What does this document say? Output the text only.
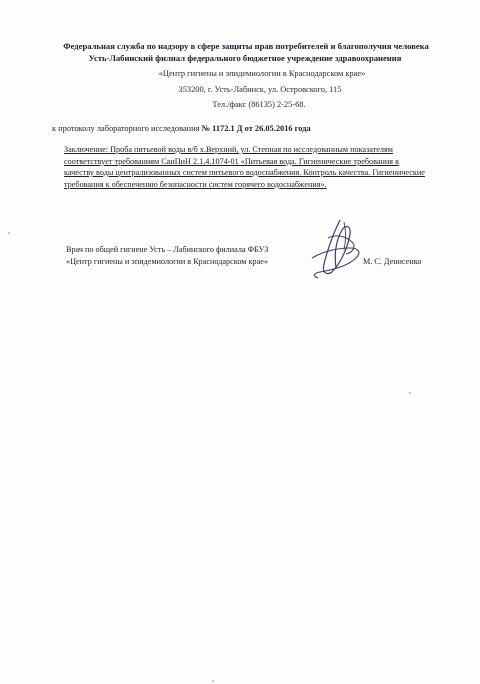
Федеральная служба по надзору в сфере защиты прав потребителей и благополучия человека
Усть-Лабинский филиал федерального бюджетное учреждение здравоохранения
«Центр гигиены и эпидемиологии в Краснодарском крае»
353200, г. Усть-Лабинск, ул. Островского, 115
Тел./факс (86135) 2-25-68.
к протоколу лабораторного исследования № 1172.1 Д от 26.05.2016 года
Заключение: Проба питьевой воды в/б х.Верхний, ул. Степная по исследованным показателям соответствует требованиям СанПиН 2.1.4.1074-01 «Питьевая вода. Гигиенические требования к качеству воды централизованных систем питьевого водоснабжения. Контроль качества. Гигиенические требования к обеспечению безопасности систем горячего водоснабжения».
Врач по общей гигиене Усть – Лабинского филиала ФБУЗ
«Центр гигиены и эпидемиологии в Краснодарском крае»	М. С. Денисенко
